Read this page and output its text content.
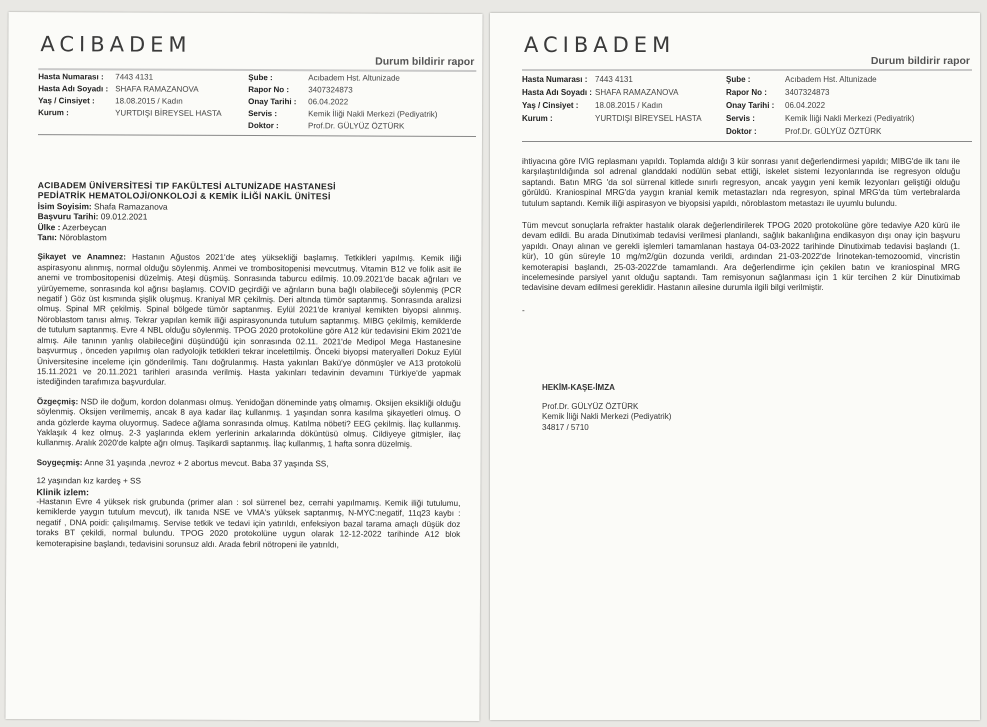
ACIBADEM
Durum bildirir rapor
Hasta Numarası : 7443 4131
Hasta Adı Soyadı : SHAFA RAMAZANOVA
Yaş / Cinsiyet :	18.08.2015 / Kadın
Kurum :	YURTDIŞI BİREYSEL HASTA
Şube :	Acıbadem Hst. Altunizade
Rapor No : 3407324873
Onay Tarihi : 06.04.2022
Servis :	Kemik İliği Nakli Merkezi (Pediyatrik)
Doktor :	Prof.Dr. GÜLYÜZ ÖZTÜRK

ACIBADEM ÜNİVERSİTESİ TIP FAKÜLTESİ ALTUNİZADE HASTANESİ

PEDİATRİK HEMATOLOJİ/ONKOLOJİ & KEMİK İLİĞİ NAKİL ÜNİTESİ

İsim Soyisim: Shafa Ramazanova

Başvuru Tarihi: 09.012.2021

Ülke : Azerbeycan

Tanı: Nöroblastom

Şikayet ve Anamnez: Hastanın Ağustos 2021'de ateş yüksekliği başlamış. Tetkikleri yapılmış. Kemik iliği aspirasyonu alınmış, normal olduğu söylenmiş. Anmei ve trombositopenisi mevcutmuş. Vitamin B12 ve folik asit ile anemi ve trombositopenisi düzelmiş. Ateşi düşmüş. Sonrasında taburcu edilmiş. 10.09.2021'de bacak ağrıları ve yürüyememe, sonrasında kol ağrısı başlamış. COVID geçirdiği ve ağrıların buna bağlı olabileceği söylenmiş (PCR negatif ) Göz üst kısmında şişlik oluşmuş. Kraniyal MR çekilmiş. Deri altında tümör saptanmış. Sonrasında aralizsi olmuş. Spinal MR çekilmiş. Spinal bölgede tümör saptanmış. Eylül 2021'de kraniyal kemikten biyopsi alınmış. Nöroblastom tanısı almış. Tekrar yapılan kemik iliği aspirasyonunda tutulum saptanmış. MIBG çekilmiş, kemiklerde de tutulum saptanmış. Evre 4 NBL olduğu söylenmiş. TPOG 2020 protokolüne göre A12 kür tedavisini Ekim 2021'de almış. Aile tanının yanlış olabileceğini düşündüğü için sonrasında 02.11. 2021'de Medipol Mega Hastanesine başvurmuş , önceden yapılmış olan radyolojik tetkikleri tekrar incelettilmiş. Önceki biyopsi materyalleri Dokuz Eylül Üniversitesine inceleme için gönderilmiş. Tanı doğrulanmış. Hasta yakınları Bakü'ye dönmüşler ve A13 protokolü 15.11.2021 ve 20.11.2021 tarihleri arasında verilmiş. Hasta yakınları tedavinin devamını Türkiye'de yapmak istediğinden tarafımıza başvurdular.

Özgeçmiş: NSD ile doğum, kordon dolanması olmuş. Yenidoğan döneminde yatış olmamış. Oksijen eksikliği olduğu söylenmiş. Oksijen verilmemiş, ancak 8 aya kadar ilaç kullanmış. 1 yaşından sonra kasılma şikayetleri olmuş. O anda gözlerde kayma oluyormuş. Sadece ağlama sonrasında olmuş. Katılma nöbeti? EEG çekilmiş. İlaç kullanmış. Yaklaşık 4 kez olmuş. 2-3 yaşlarında eklem yerlerinin arkalarında döküntüsü olmuş. Cildiyeye gitmişler, ilaç kullanmış. Aralık 2020'de kalpte ağrı olmuş. Taşikardi saptanmış. İlaç kullanmış, 1 hafta sonra düzelmiş.

Soygeçmiş: Anne 31 yaşında ,nevroz + 2 abortus mevcut. Baba 37 yaşında SS,

12 yaşından kız kardeş + SS

Klinik izlem:

-Hastanın Evre 4 yüksek risk grubunda (primer alan : sol sürrenel bez, cerrahi yapılmamış. Kemik iliği tutulumu, kemiklerde yaygın tutulum mevcut), ilk tanıda NSE ve VMA's yüksek saptanmış, N-MYC:negatif, 11q23 kaybı : negatif , DNA poidi: çalışılmamış. Servise tetkik ve tedavi için yatırıldı, enfeksiyon bazal tarama amaçlı düşük doz toraks BT çekildi, normal bulundu. TPOG 2020 protokolüne uygun olarak 12-12-2022 tarihinde A12 blok kemoterapisine başlandı, tedavisini sorunsuz aldı. Arada febril nötropeni ile yatırıldı,

ACIBADEM
Durum bildirir rapor
Hasta Numarası : 7443 4131
Hasta Adı Soyadı : SHAFA RAMAZANOVA
Yaş / Cinsiyet : 18.08.2015 / Kadın
Kurum :	YURTDIŞI BİREYSEL HASTA
Şube :	Acıbadem Hst. Altunizade
Rapor No : 3407324873
Onay Tarihi : 06.04.2022
Servis :	Kemik İliği Nakli Merkezi (Pediyatrik)
Doktor :	Prof.Dr. GÜLYÜZ ÖZTÜRK

ihtiyacına göre IVIG replasmanı yapıldı. Toplamda aldığı 3 kür sonrası yanıt değerlendirmesi yapıldı; MIBG'de ilk tanı ile karşılaştırıldığında sol adrenal glanddaki nodülün sebat ettiği, iskelet sistemi lezyonlarında ise regresyon olduğu saptandı. Batın MRG 'da sol sürrenal kitlede sınırlı regresyon, ancak yaygın yeni kemik lezyonları geliştiği olduğu görüldü. Kraniospinal MRG'da yaygın kranial kemik metastazları nda regresyon, spinal MRG'da tüm vertebralarda tutulum saptandı. Kemik iliği aspirasyon ve biyopsisi yapıldı, nöroblastom metastazı ile uyumlu bulundu.

Tüm mevcut sonuçlarla refrakter hastalık olarak değerlendirilerek TPOG 2020 protokolüne göre tedaviye A20 kürü ile devam edildi. Bu arada Dinutiximab tedavisi verilmesi planlandı, sağlık bakanlığına endikasyon dışı onay için başvuru yapıldı. Onayı alınan ve gerekli işlemleri tamamlanan hastaya 04-03-2022 tarihinde Dinutiximab tedavisi başlandı (1. kür), 10 gün süreyle 10 mg/m2/gün dozunda verildi, ardından 21-03-2022'de İrinotekan-temozoomid, vincristin kemoterapisi başlandı, 25-03-2022'de tamamlandı. Ara değerlendirme için çekilen batın ve kraniospinal MRG incelemesinde parsiyel yanıt olduğu saptandı. Tam remisyonun sağlanması için 1 kür tercihen 2 kür Dinutiximab tedavisine devam edilmesi gereklidir. Hastanın ailesine durumla ilgili bilgi verilmiştir.

-

HEKİM-KAŞE-İMZA
Prof.Dr. GÜLYÜZ ÖZTÜRK
Kemik İliği Nakli Merkezi (Pediyatrik)
34817 / 5710
